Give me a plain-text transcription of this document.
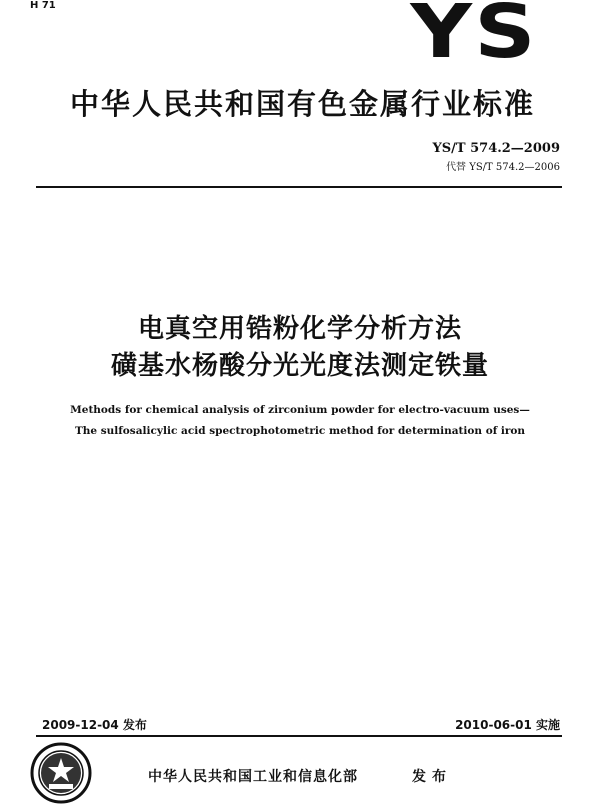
H 71	YS
中华人民共和国有色金属行业标准
YS/T 574.2—2009
代替 YS/T 574.2—2006
电真空用锆粉化学分析方法
磺基水杨酸分光光度法测定铁量
Methods for chemical analysis of zirconium powder for electro-vacuum uses—
The sulfosalicylic acid spectrophotometric method for determination of iron
2009-12-04 发布	2010-06-01 实施
中华人民共和国工业和信息化部	发布
